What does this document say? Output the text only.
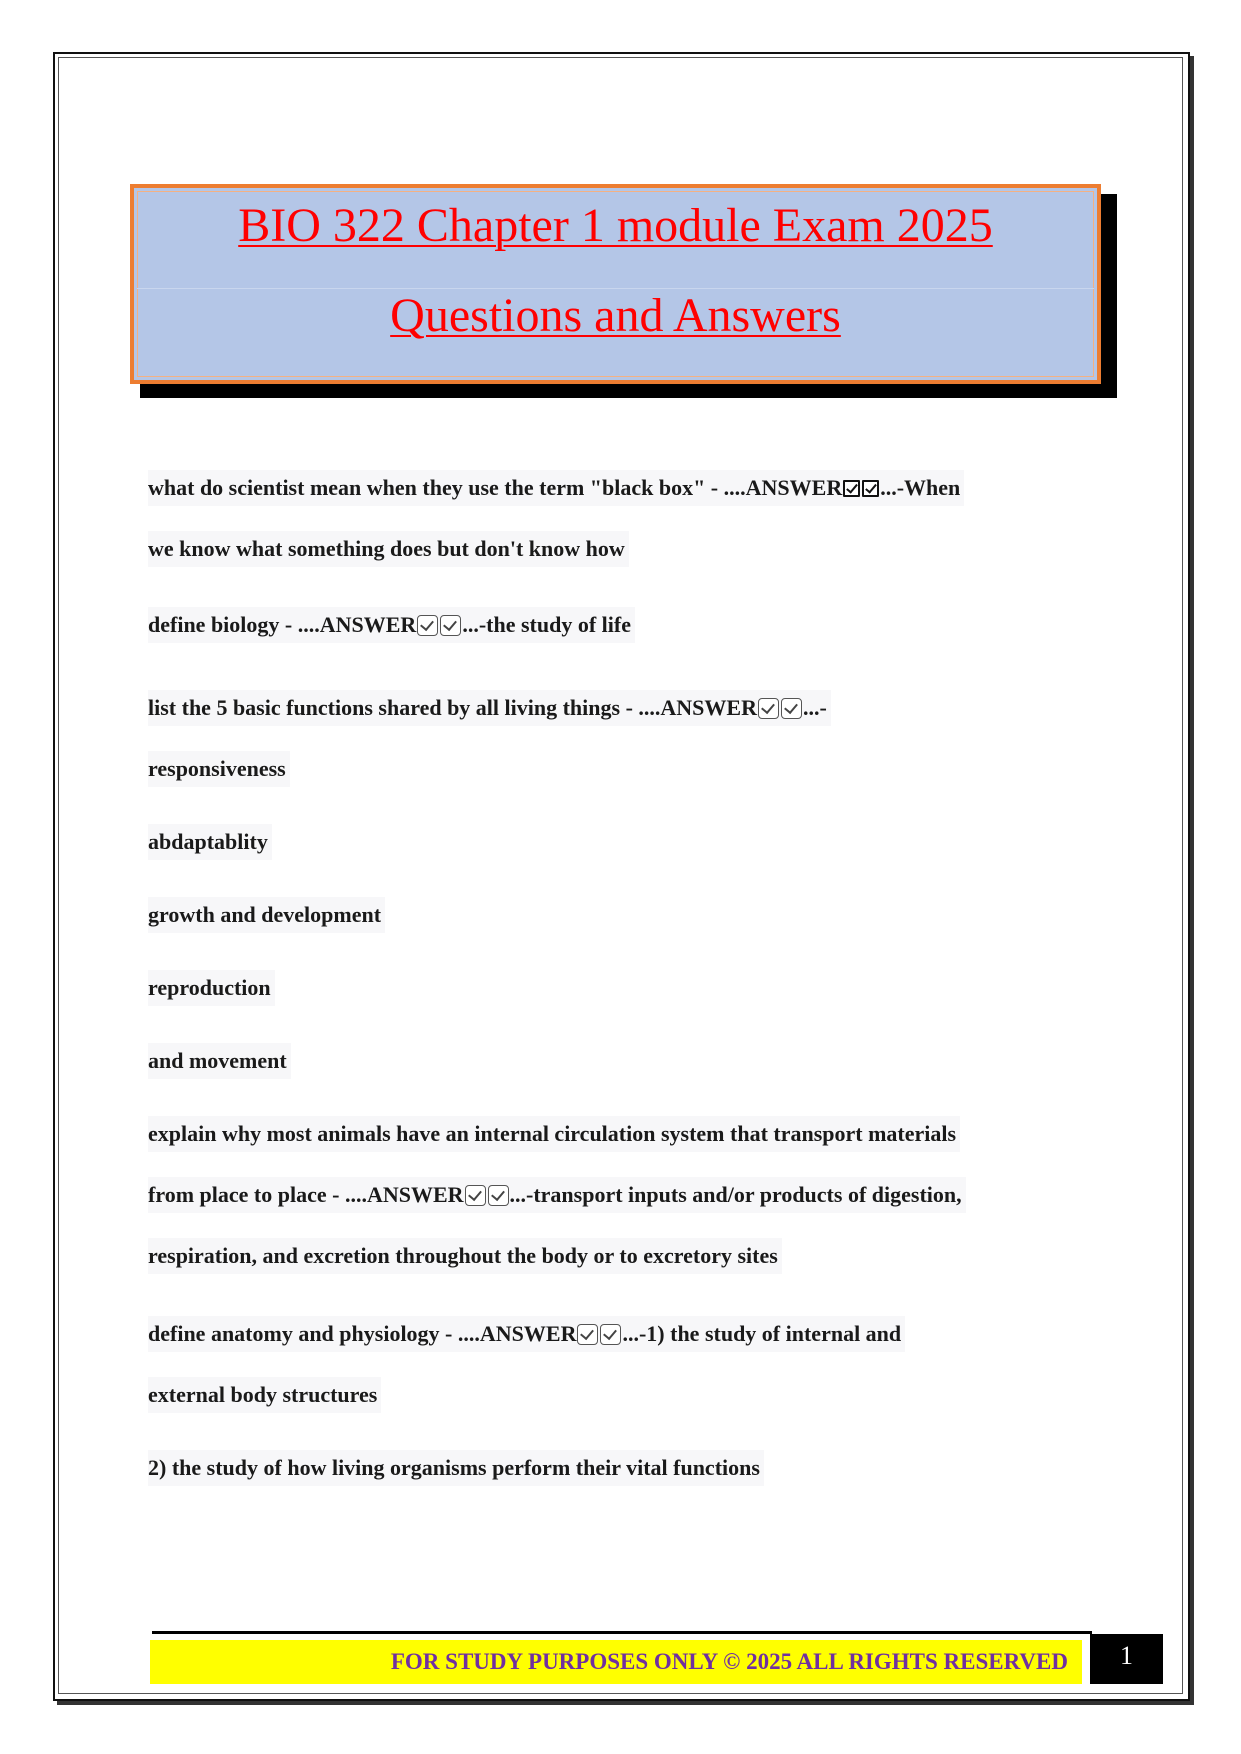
BIO 322 Chapter 1 module Exam 2025
Questions and Answers
what do scientist mean when they use the term "black box" - ....ANSWER ...-When
we know what something does but don't know how
define biology - ....ANSWER ...-the study of life
list the 5 basic functions shared by all living things - ....ANSWER ...-
responsiveness
abdaptablity
growth and development
reproduction
and movement
explain why most animals have an internal circulation system that transport materials
from place to place - ....ANSWER ...-transport inputs and/or products of digestion,
respiration, and excretion throughout the body or to excretory sites
define anatomy and physiology - ....ANSWER ...-1) the study of internal and
external body structures
2) the study of how living organisms perform their vital functions
FOR STUDY PURPOSES ONLY © 2025 ALL RIGHTS RESERVED	1
